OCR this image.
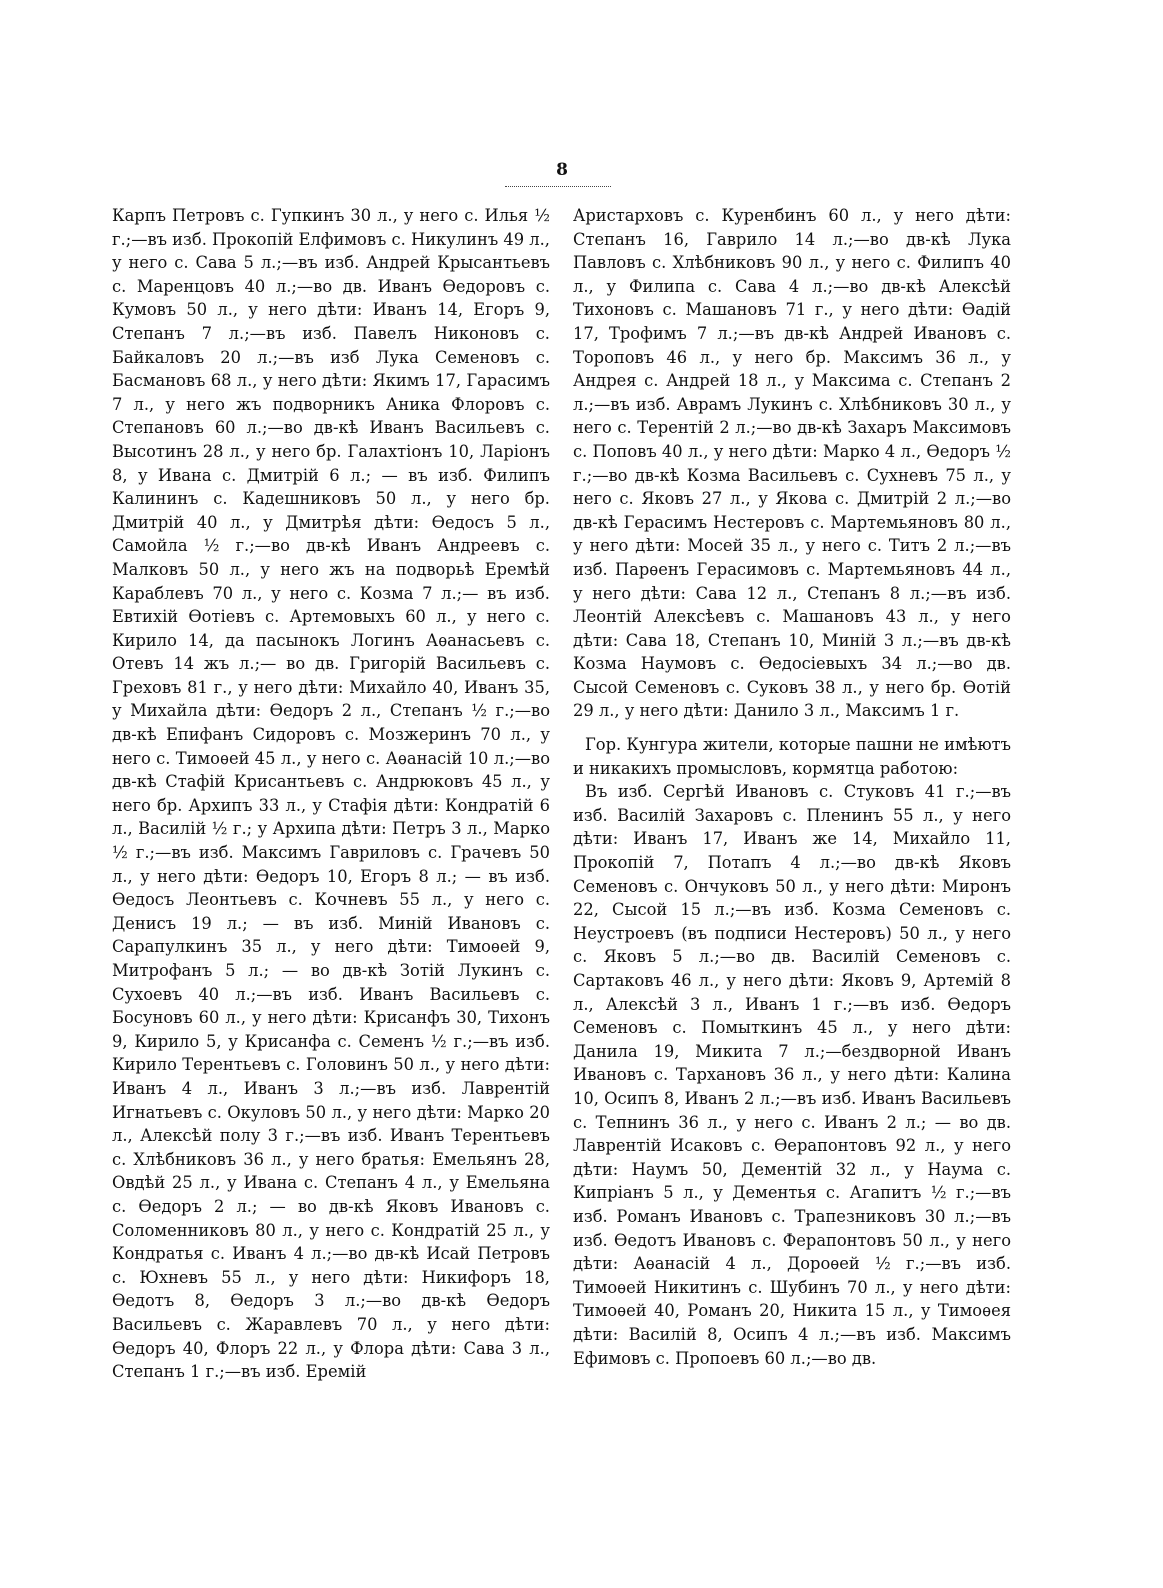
8

Карпъ Петровъ с. Гупкинъ 30 л., у него с. Илья ½ г.;—въ изб. Прокопій Елфимовъ с. Никулинъ 49 л., у него с. Сава 5 л.;—въ изб. Андрей Крысантьевъ с. Маренцовъ 40 л.;—во дв. Иванъ Ѳедоровъ с. Кумовъ 50 л., у него дѣти: Иванъ 14, Егоръ 9, Степанъ 7 л.;—въ изб. Павелъ Никоновъ с. Байкаловъ 20 л.;—въ изб Лука Семеновъ с. Басмановъ 68 л., у него дѣти: Якимъ 17, Гарасимъ 7 л., у него жъ подворникъ Аника Флоровъ с. Степановъ 60 л.;—во дв-кѣ Иванъ Васильевъ с. Высотинъ 28 л., у него бр. Галахтіонъ 10, Ларіонъ 8, у Ивана с. Дмитрій 6 л.; — въ изб. Филипъ Калининъ с. Кадешниковъ 50 л., у него бр. Дмитрій 40 л., у Дмитрѣя дѣти: Ѳедосъ 5 л., Самойла ½ г.;—во дв-кѣ Иванъ Андреевъ с. Малковъ 50 л., у него жъ на подворьѣ Еремѣй Караблевъ 70 л., у него с. Козма 7 л.;— въ изб. Евтихій Ѳотіевъ с. Артемовыхъ 60 л., у него с. Кирило 14, да пасынокъ Логинъ Аѳанасьевъ с. Отевъ 14 жъ л.;— во дв. Григорій Васильевъ с. Греховъ 81 г., у него дѣти: Михайло 40, Иванъ 35, у Михайла дѣти: Ѳедоръ 2 л., Степанъ ½ г.;—во дв-кѣ Епифанъ Сидоровъ с. Мозжеринъ 70 л., у него с. Тимоѳей 45 л., у него с. Аѳанасій 10 л.;—во дв-кѣ Стафій Крисантьевъ с. Андрюковъ 45 л., у него бр. Архипъ 33 л., у Стафія дѣти: Кондратій 6 л., Василій ½ г.; у Архипа дѣти: Петръ 3 л., Марко ½ г.;—въ изб. Максимъ Гавриловъ с. Грачевъ 50 л., у него дѣти: Ѳедоръ 10, Егоръ 8 л.; — въ изб. Ѳедосъ Леонтьевъ с. Кочневъ 55 л., у него с. Денисъ 19 л.; — въ изб. Миній Ивановъ с. Сарапулкинъ 35 л., у него дѣти: Тимоѳей 9, Митрофанъ 5 л.; — во дв-кѣ Зотій Лукинъ с. Сухоевъ 40 л.;—въ изб. Иванъ Васильевъ с. Босуновъ 60 л., у него дѣти: Крисанфъ 30, Тихонъ 9, Кирило 5, у Крисанфа с. Семенъ ½ г.;—въ изб. Кирило Терентьевъ с. Головинъ 50 л., у него дѣти: Иванъ 4 л., Иванъ 3 л.;—въ изб. Лаврентій Игнатьевъ с. Окуловъ 50 л., у него дѣти: Марко 20 л., Алексѣй полу 3 г.;—въ изб. Иванъ Терентьевъ с. Хлѣбниковъ 36 л., у него братья: Емельянъ 28, Овдѣй 25 л., у Ивана с. Степанъ 4 л., у Емельяна с. Ѳедоръ 2 л.; — во дв-кѣ Яковъ Ивановъ с. Соломенниковъ 80 л., у него с. Кондратій 25 л., у Кондратья с. Иванъ 4 л.;—во дв-кѣ Исай Петровъ с. Юхневъ 55 л., у него дѣти: Никифоръ 18, Ѳедотъ 8, Ѳедоръ 3 л.;—во дв-кѣ Ѳедоръ Васильевъ с. Жаравлевъ 70 л., у него дѣти: Ѳедоръ 40, Флоръ 22 л., у Флора дѣти: Сава 3 л., Степанъ 1 г.;—въ изб. Еремій

Аристарховъ с. Куренбинъ 60 л., у него дѣти: Степанъ 16, Гаврило 14 л.;—во дв-кѣ Лука Павловъ с. Хлѣбниковъ 90 л., у него с. Филипъ 40 л., у Филипа с. Сава 4 л.;—во дв-кѣ Алексѣй Тихоновъ с. Машановъ 71 г., у него дѣти: Ѳадій 17, Трофимъ 7 л.;—въ дв-кѣ Андрей Ивановъ с. Тороповъ 46 л., у него бр. Максимъ 36 л., у Андрея с. Андрей 18 л., у Максима с. Степанъ 2 л.;—въ изб. Аврамъ Лукинъ с. Хлѣбниковъ 30 л., у него с. Терентій 2 л.;—во дв-кѣ Захаръ Максимовъ с. Поповъ 40 л., у него дѣти: Марко 4 л., Ѳедоръ ½ г.;—во дв-кѣ Козма Васильевъ с. Сухневъ 75 л., у него с. Яковъ 27 л., у Якова с. Дмитрій 2 л.;—во дв-кѣ Герасимъ Нестеровъ с. Мартемьяновъ 80 л., у него дѣти: Мосей 35 л., у него с. Титъ 2 л.;—въ изб. Парѳенъ Герасимовъ с. Мартемьяновъ 44 л., у него дѣти: Сава 12 л., Степанъ 8 л.;—въ изб. Леонтій Алексѣевъ с. Машановъ 43 л., у него дѣти: Сава 18, Степанъ 10, Миній 3 л.;—въ дв-кѣ Козма Наумовъ с. Ѳедосіевыхъ 34 л.;—во дв. Сысой Семеновъ с. Суковъ 38 л., у него бр. Ѳотій 29 л., у него дѣти: Данило 3 л., Максимъ 1 г.

Гор. Кунгура жители, которые пашни не имѣютъ и никакихъ промысловъ, кормятца работою:

Въ изб. Сергѣй Ивановъ с. Стуковъ 41 г.;—въ изб. Василій Захаровъ с. Пленинъ 55 л., у него дѣти: Иванъ 17, Иванъ же 14, Михайло 11, Прокопій 7, Потапъ 4 л.;—во дв-кѣ Яковъ Семеновъ с. Ончуковъ 50 л., у него дѣти: Миронъ 22, Сысой 15 л.;—въ изб. Козма Семеновъ с. Неустроевъ (въ подписи Нестеровъ) 50 л., у него с. Яковъ 5 л.;—во дв. Василій Семеновъ с. Сартаковъ 46 л., у него дѣти: Яковъ 9, Артемій 8 л., Алексѣй 3 л., Иванъ 1 г.;—въ изб. Ѳедоръ Семеновъ с. Помыткинъ 45 л., у него дѣти: Данила 19, Микита 7 л.;—бездворной Иванъ Ивановъ с. Тархановъ 36 л., у него дѣти: Калина 10, Осипъ 8, Иванъ 2 л.;—въ изб. Иванъ Васильевъ с. Тепнинъ 36 л., у него с. Иванъ 2 л.; — во дв. Лаврентій Исаковъ с. Ѳерапонтовъ 92 л., у него дѣти: Наумъ 50, Дементій 32 л., у Наума с. Кипріанъ 5 л., у Дементья с. Агапитъ ½ г.;—въ изб. Романъ Ивановъ с. Трапезниковъ 30 л.;—въ изб. Ѳедотъ Ивановъ с. Ферапонтовъ 50 л., у него дѣти: Аѳанасій 4 л., Дороѳей ½ г.;—въ изб. Тимоѳей Никитинъ с. Шубинъ 70 л., у него дѣти: Тимоѳей 40, Романъ 20, Никита 15 л., у Тимоѳея дѣти: Василій 8, Осипъ 4 л.;—въ изб. Максимъ Ефимовъ с. Пропоевъ 60 л.;—во дв.
